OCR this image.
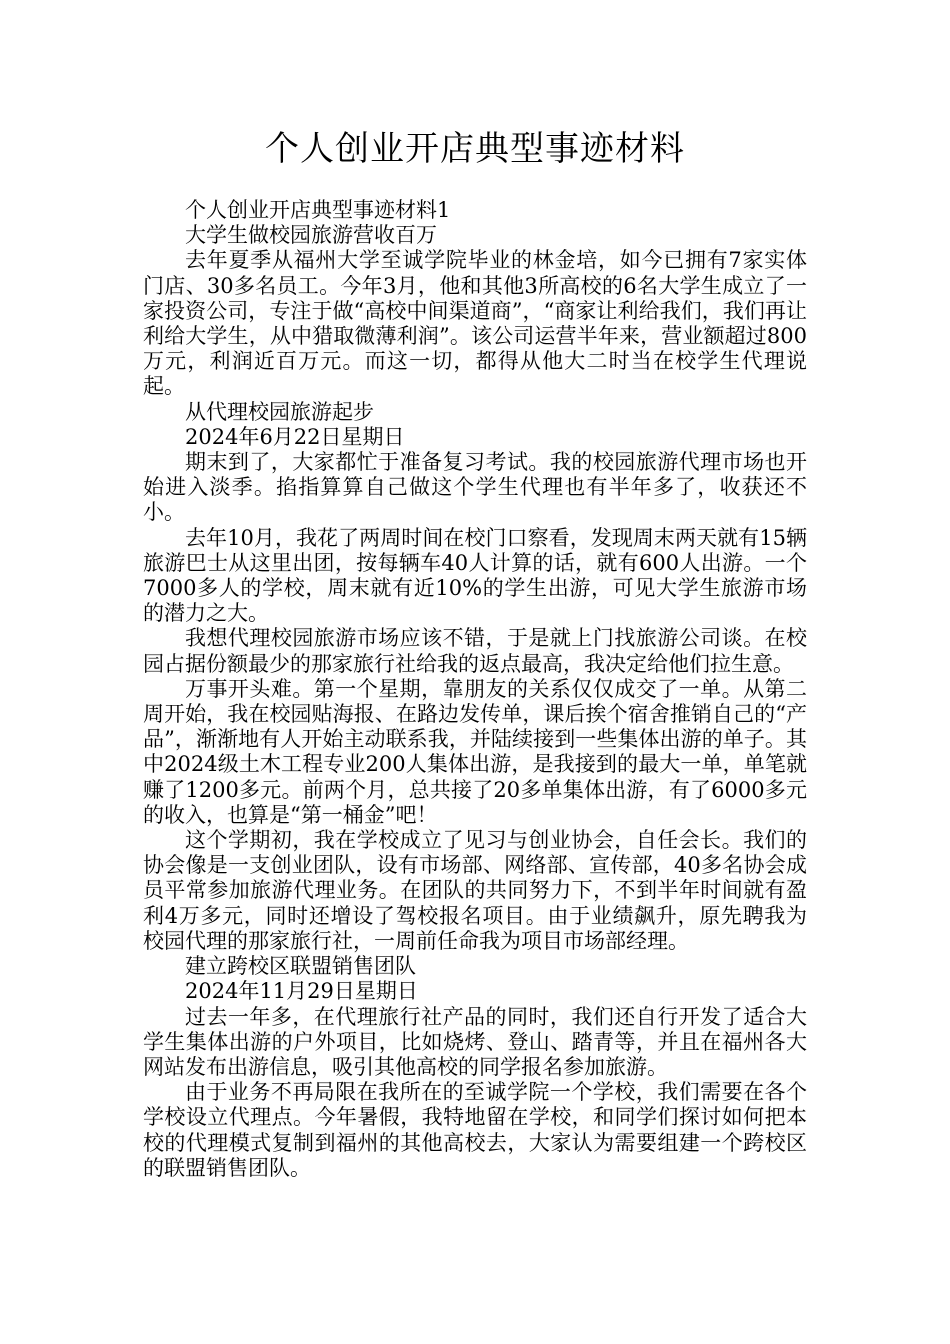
个人创业开店典型事迹材料

个人创业开店典型事迹材料1

大学生做校园旅游营收百万

去年夏季从福州大学至诚学院毕业的林金培，如今已拥有7家实体门店、30多名员工。今年3月，他和其他3所高校的6名大学生成立了一家投资公司，专注于做“高校中间渠道商”，“商家让利给我们，我们再让利给大学生，从中猎取微薄利润”。该公司运营半年来，营业额超过800万元，利润近百万元。而这一切，都得从他大二时当在校学生代理说起。

从代理校园旅游起步

2024年6月22日星期日

期末到了，大家都忙于准备复习考试。我的校园旅游代理市场也开始进入淡季。掐指算算自己做这个学生代理也有半年多了，收获还不小。

去年10月，我花了两周时间在校门口察看，发现周末两天就有15辆旅游巴士从这里出团，按每辆车40人计算的话，就有600人出游。一个7000多人的学校，周末就有近10%的学生出游，可见大学生旅游市场的潜力之大。

我想代理校园旅游市场应该不错，于是就上门找旅游公司谈。在校园占据份额最少的那家旅行社给我的返点最高，我决定给他们拉生意。

万事开头难。第一个星期，靠朋友的关系仅仅成交了一单。从第二周开始，我在校园贴海报、在路边发传单，课后挨个宿舍推销自己的“产品”，渐渐地有人开始主动联系我，并陆续接到一些集体出游的单子。其中2024级土木工程专业200人集体出游，是我接到的最大一单，单笔就赚了1200多元。前两个月，总共接了20多单集体出游，有了6000多元的收入，也算是“第一桶金”吧！

这个学期初，我在学校成立了见习与创业协会，自任会长。我们的协会像是一支创业团队，设有市场部、网络部、宣传部，40多名协会成员平常参加旅游代理业务。在团队的共同努力下，不到半年时间就有盈利4万多元，同时还增设了驾校报名项目。由于业绩飙升，原先聘我为校园代理的那家旅行社，一周前任命我为项目市场部经理。

建立跨校区联盟销售团队

2024年11月29日星期日

过去一年多，在代理旅行社产品的同时，我们还自行开发了适合大学生集体出游的户外项目，比如烧烤、登山、踏青等，并且在福州各大网站发布出游信息，吸引其他高校的同学报名参加旅游。

由于业务不再局限在我所在的至诚学院一个学校，我们需要在各个学校设立代理点。今年暑假，我特地留在学校，和同学们探讨如何把本校的代理模式复制到福州的其他高校去，大家认为需要组建一个跨校区的联盟销售团队。
